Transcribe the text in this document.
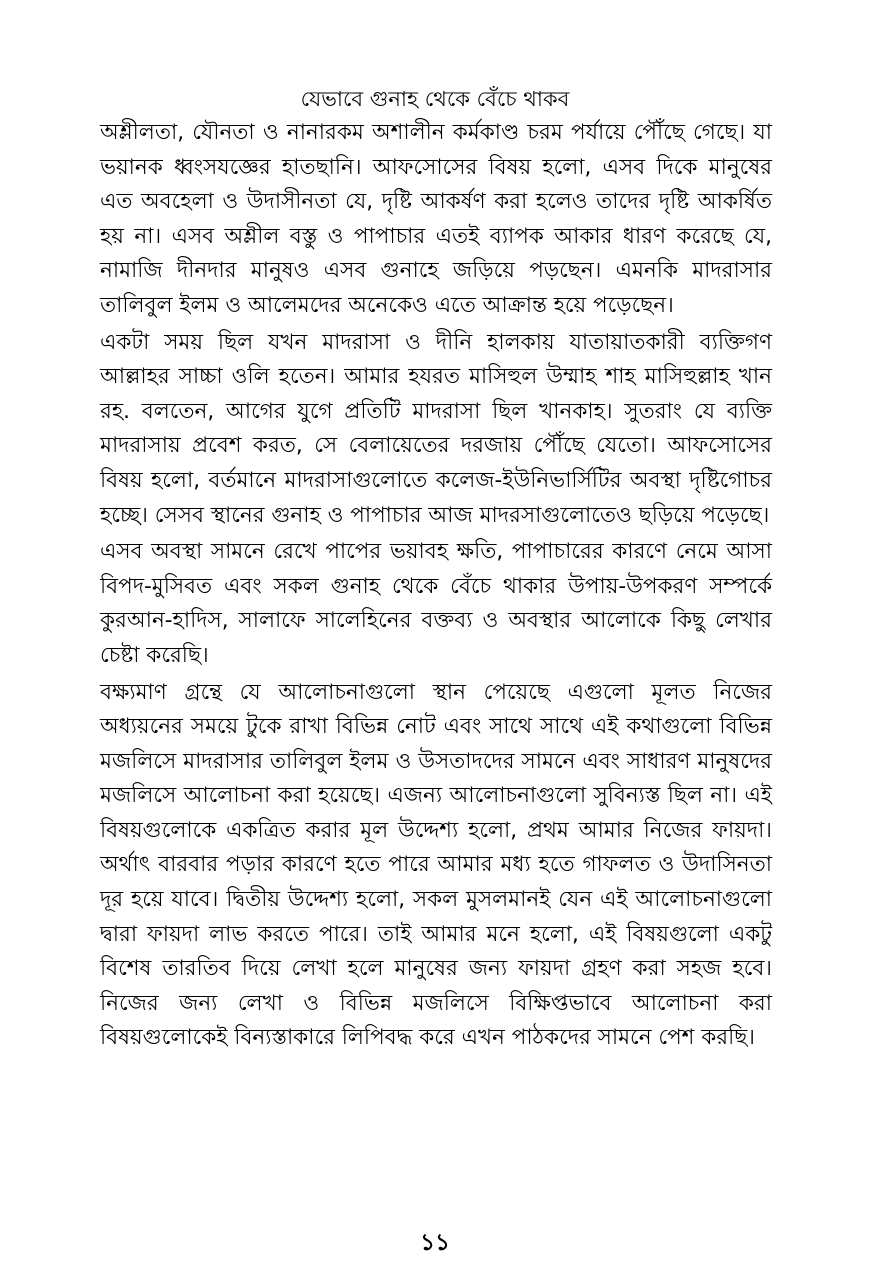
যেভাবে গুনাহ থেকে বেঁচে থাকব

অশ্লীলতা, যৌনতা ও নানারকম অশালীন কর্মকাণ্ড চরম পর্যায়ে পৌঁছে গেছে। যা ভয়ানক ধ্বংসযজ্ঞের হাতছানি। আফসোসের বিষয় হলো, এসব দিকে মানুষের এত অবহেলা ও উদাসীনতা যে, দৃষ্টি আকর্ষণ করা হলেও তাদের দৃষ্টি আকর্ষিত হয় না। এসব অশ্লীল বস্তু ও পাপাচার এতই ব্যাপক আকার ধারণ করেছে যে, নামাজি দীনদার মানুষও এসব গুনাহে জড়িয়ে পড়ছেন। এমনকি মাদরাসার তালিবুল ইলম ও আলেমদের অনেকেও এতে আক্রান্ত হয়ে পড়েছেন।

একটা সময় ছিল যখন মাদরাসা ও দীনি হালকায় যাতায়াতকারী ব্যক্তিগণ আল্লাহর সাচ্চা ওলি হতেন। আমার হযরত মাসিহুল উম্মাহ শাহ মাসিহুল্লাহ খান রহ. বলতেন, আগের যুগে প্রতিটি মাদরাসা ছিল খানকাহ। সুতরাং যে ব্যক্তি মাদরাসায় প্রবেশ করত, সে বেলায়েতের দরজায় পৌঁছে যেতো। আফসোসের বিষয় হলো, বর্তমানে মাদরাসাগুলোতে কলেজ-ইউনিভার্সিটির অবস্থা দৃষ্টিগোচর হচ্ছে। সেসব স্থানের গুনাহ ও পাপাচার আজ মাদরসাগুলোতেও ছড়িয়ে পড়েছে।

এসব অবস্থা সামনে রেখে পাপের ভয়াবহ ক্ষতি, পাপাচারের কারণে নেমে আসা বিপদ-মুসিবত এবং সকল গুনাহ থেকে বেঁচে থাকার উপায়-উপকরণ সম্পর্কে কুরআন-হাদিস, সালাফে সালেহিনের বক্তব্য ও অবস্থার আলোকে কিছু লেখার চেষ্টা করেছি।

বক্ষ্যমাণ গ্রন্থে যে আলোচনাগুলো স্থান পেয়েছে এগুলো মূলত নিজের অধ্যয়নের সময়ে টুকে রাখা বিভিন্ন নোট এবং সাথে সাথে এই কথাগুলো বিভিন্ন মজলিসে মাদরাসার তালিবুল ইলম ও উসতাদদের সামনে এবং সাধারণ মানুষদের মজলিসে আলোচনা করা হয়েছে। এজন্য আলোচনাগুলো সুবিন্যস্ত ছিল না। এই বিষয়গুলোকে একত্রিত করার মূল উদ্দেশ্য হলো, প্রথম আমার নিজের ফায়দা। অর্থাৎ বারবার পড়ার কারণে হতে পারে আমার মধ্য হতে গাফলত ও উদাসিনতা দূর হয়ে যাবে। দ্বিতীয় উদ্দেশ্য হলো, সকল মুসলমানই যেন এই আলোচনাগুলো দ্বারা ফায়দা লাভ করতে পারে। তাই আমার মনে হলো, এই বিষয়গুলো একটু বিশেষ তারতিব দিয়ে লেখা হলে মানুষের জন্য ফায়দা গ্রহণ করা সহজ হবে। নিজের জন্য লেখা ও বিভিন্ন মজলিসে বিক্ষিপ্তভাবে আলোচনা করা বিষয়গুলোকেই বিন্যস্তাকারে লিপিবদ্ধ করে এখন পাঠকদের সামনে পেশ করছি।

১১
